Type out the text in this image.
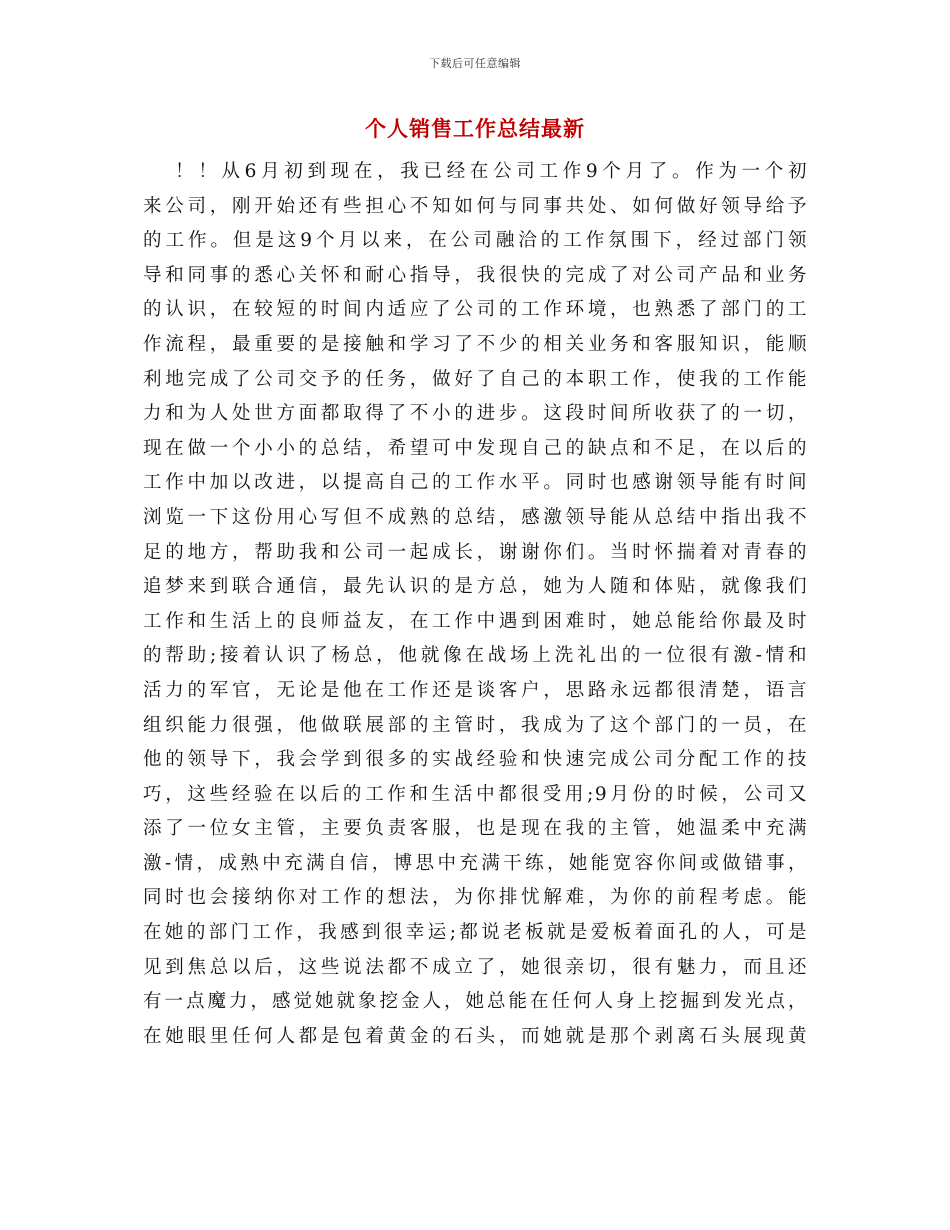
下载后可任意编辑
个人销售工作总结最新
！！从6月初到现在，我已经在公司工作9个月了。作为一个初
来公司，刚开始还有些担心不知如何与同事共处、如何做好领导给予
的工作。但是这9个月以来，在公司融洽的工作氛围下，经过部门领
导和同事的悉心关怀和耐心指导，我很快的完成了对公司产品和业务
的认识，在较短的时间内适应了公司的工作环境，也熟悉了部门的工
作流程，最重要的是接触和学习了不少的相关业务和客服知识，能顺
利地完成了公司交予的任务，做好了自己的本职工作，使我的工作能
力和为人处世方面都取得了不小的进步。这段时间所收获了的一切，
现在做一个小小的总结，希望可中发现自己的缺点和不足，在以后的
工作中加以改进，以提高自己的工作水平。同时也感谢领导能有时间
浏览一下这份用心写但不成熟的总结，感激领导能从总结中指出我不
足的地方，帮助我和公司一起成长，谢谢你们。当时怀揣着对青春的
追梦来到联合通信，最先认识的是方总，她为人随和体贴，就像我们
工作和生活上的良师益友，在工作中遇到困难时，她总能给你最及时
的帮助;接着认识了杨总，他就像在战场上洗礼出的一位很有激-情和
活力的军官，无论是他在工作还是谈客户，思路永远都很清楚，语言
组织能力很强，他做联展部的主管时，我成为了这个部门的一员，在
他的领导下，我会学到很多的实战经验和快速完成公司分配工作的技
巧，这些经验在以后的工作和生活中都很受用;9月份的时候，公司又
添了一位女主管，主要负责客服，也是现在我的主管，她温柔中充满
激-情，成熟中充满自信，博思中充满干练，她能宽容你间或做错事，
同时也会接纳你对工作的想法，为你排忧解难，为你的前程考虑。能
在她的部门工作，我感到很幸运;都说老板就是爱板着面孔的人，可是
见到焦总以后，这些说法都不成立了，她很亲切，很有魅力，而且还
有一点魔力，感觉她就象挖金人，她总能在任何人身上挖掘到发光点，
在她眼里任何人都是包着黄金的石头，而她就是那个剥离石头展现黄
